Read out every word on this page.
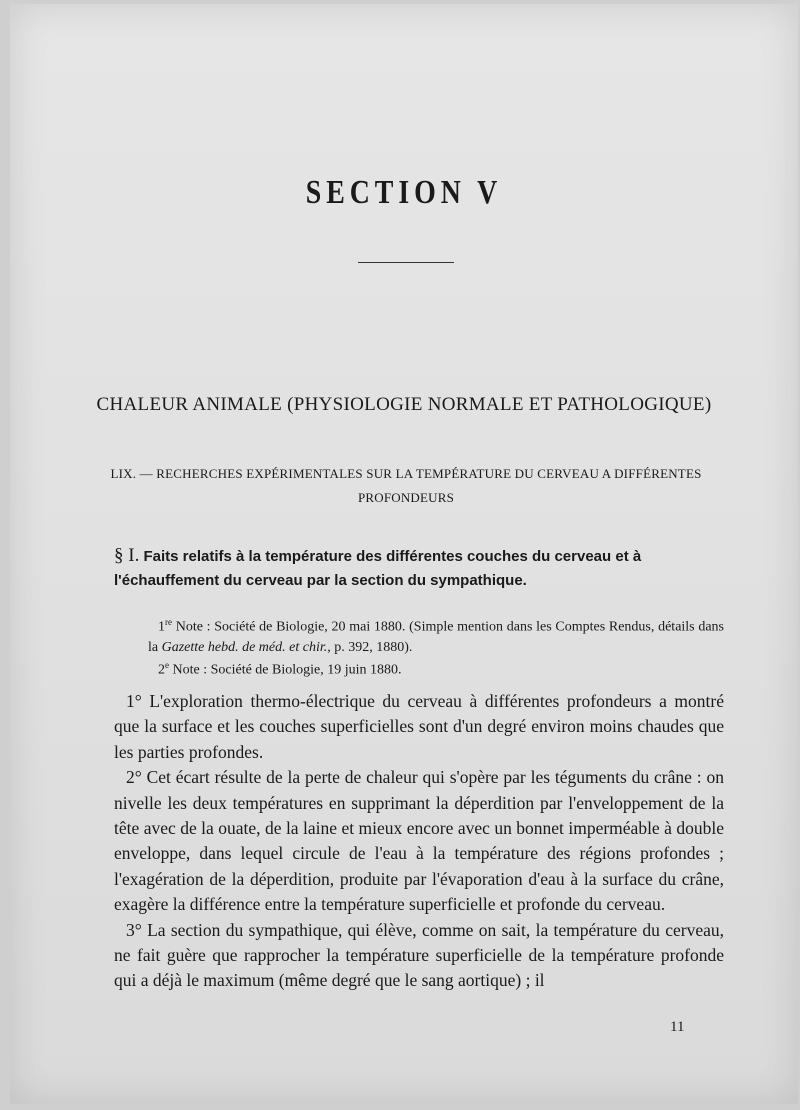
SECTION V
CHALEUR ANIMALE (PHYSIOLOGIE NORMALE ET PATHOLOGIQUE)
LIX. — RECHERCHES EXPÉRIMENTALES SUR LA TEMPÉRATURE DU CERVEAU A DIFFÉRENTES PROFONDEURS
§ I. Faits relatifs à la température des différentes couches du cerveau et à l'échauffement du cerveau par la section du sympathique.
1re Note : Société de Biologie, 20 mai 1880. (Simple mention dans les Comptes Rendus, détails dans la Gazette hebd. de méd. et chir., p. 392, 1880).
2e Note : Société de Biologie, 19 juin 1880.

1° L'exploration thermo-électrique du cerveau à différentes profondeurs a montré que la surface et les couches superficielles sont d'un degré environ moins chaudes que les parties profondes.

2° Cet écart résulte de la perte de chaleur qui s'opère par les téguments du crâne : on nivelle les deux températures en supprimant la déperdition par l'enveloppement de la tête avec de la ouate, de la laine et mieux encore avec un bonnet imperméable à double enveloppe, dans lequel circule de l'eau à la température des régions profondes ; l'exagération de la déperdition, produite par l'évaporation d'eau à la surface du crâne, exagère la différence entre la température superficielle et profonde du cerveau.

3° La section du sympathique, qui élève, comme on sait, la température du cerveau, ne fait guère que rapprocher la température superficielle de la température profonde qui a déjà le maximum (même degré que le sang aortique) ; il

11
